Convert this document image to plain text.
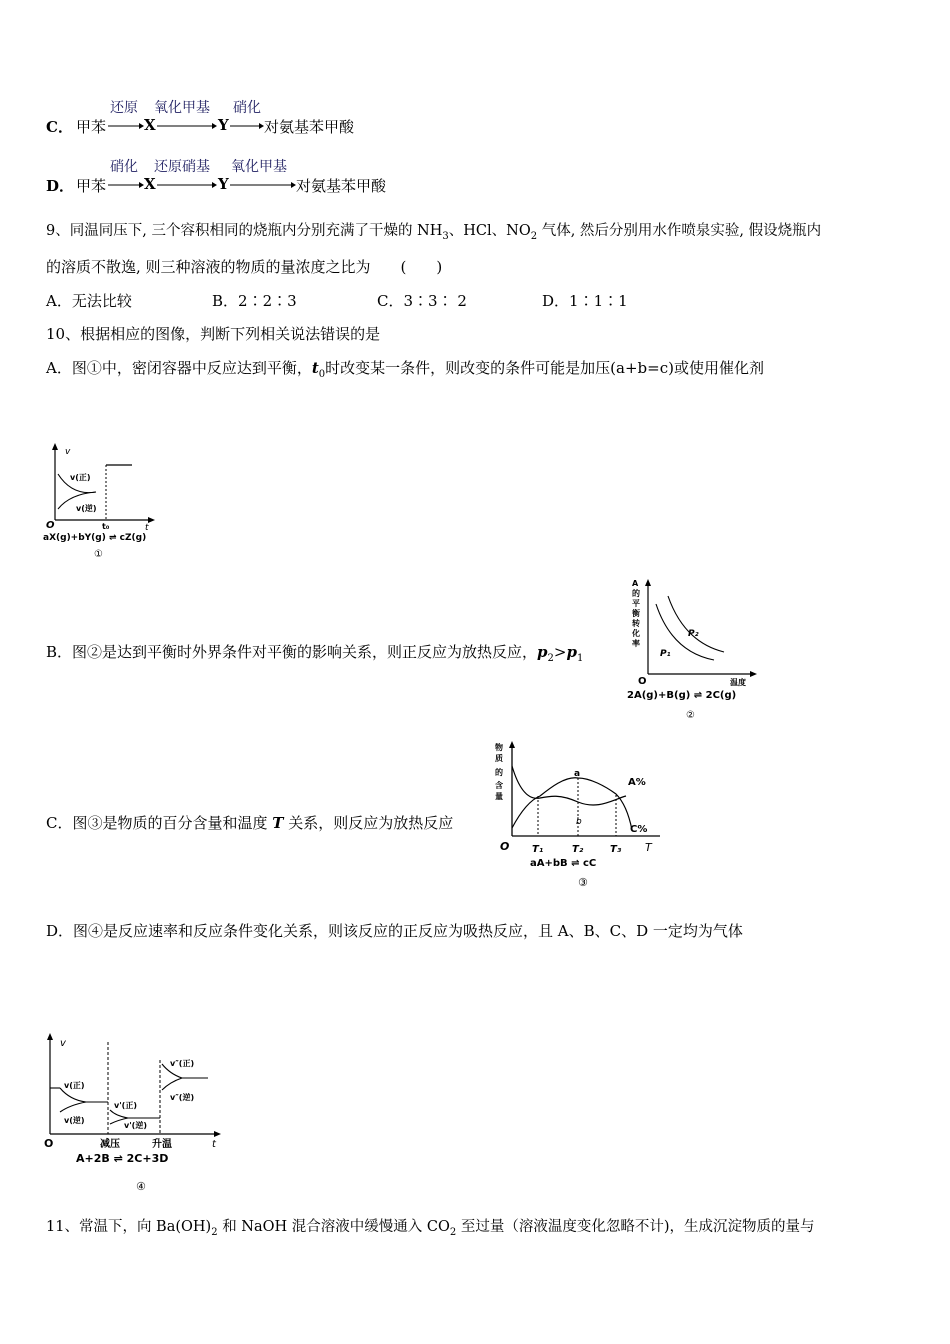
C． 甲苯 → X → Y → 对氨基苯甲酸
还原 氧化甲基 硝化
D． 甲苯 → X → Y	对氨基苯甲酸
硝化 还原硝基 氧化甲基
9、同温同压下, 三个容积相同的烧瓶内分别充满了干燥的 $NH_3$、HCl、$NO_2$ 气体, 然后分别用水作喷泉实验, 假设烧瓶内
的溶质不散逸, 则三种溶液的物质的量浓度之比为　　(　　)
A．无法比较	B．2∶2∶3	C．3∶3∶ 2	D．1∶1∶1
10、根据相应的图像，判断下列相关说法错误的是
A．图①中，密闭容器中反应达到平衡，$t_0$时改变某一条件，则改变的条件可能是加压(a+b=c)或使用催化剂
v
v(正)
v(逆)
O	t₀	t
aX(g)+bY(g) ⇌ cZ(g)
①
B．图②是达到平衡时外界条件对平衡的影响关系，则正反应为放热反应，$p_2>p_1$
A
的
平
衡
转
化
率
P₂
P₁
O	温度
2A(g)+B(g) ⇌ 2C(g)
②
C．图③是物质的百分含量和温度 T 关系，则反应为放热反应
物
质
的
含
量
a
b
A%
C%
O T₁	T₂	T₃ T
aA+bB ⇌ cC
③
D．图④是反应速率和反应条件变化关系，则该反应的正反应为吸热反应，且 A、B、C、D 一定均为气体
v
v(正)
v(逆)
v'(正)
v'(逆)
v″(正)
v″(逆)
O	减压	升温	t
A+2B ⇌ 2C+3D
④
11、常温下，向 $Ba(OH)_2$ 和 NaOH 混合溶液中缓慢通入 $CO_2$ 至过量（溶液温度变化忽略不计)，生成沉淀物质的量与
